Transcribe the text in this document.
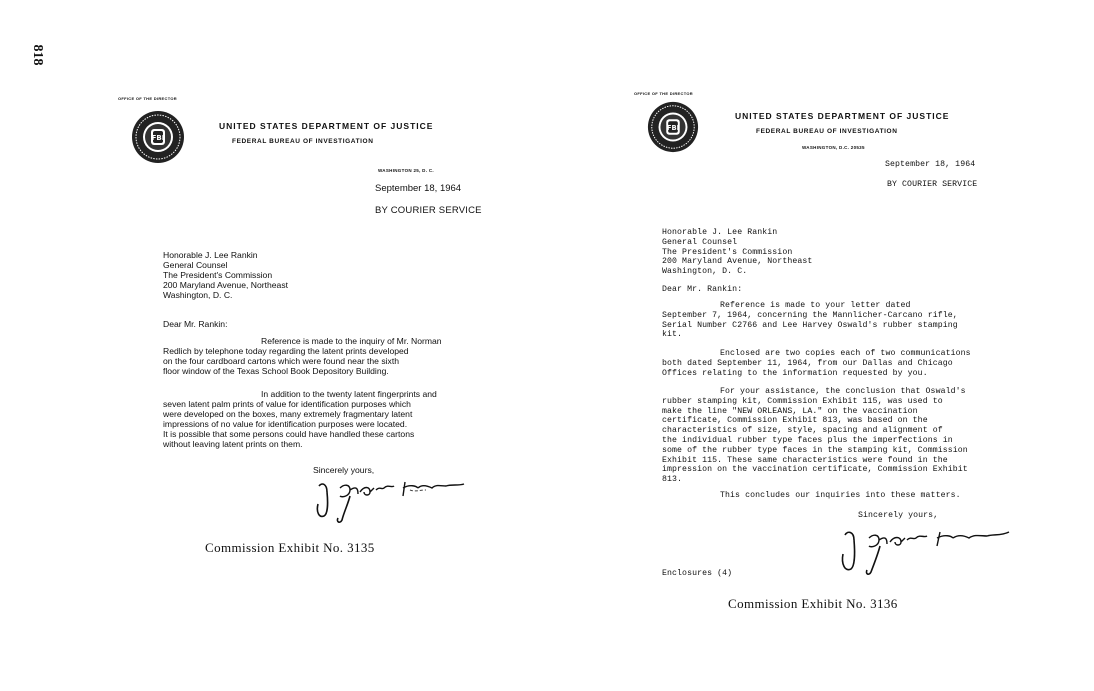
818
OFFICE OF THE DIRECTOR
FBI
UNITED STATES DEPARTMENT OF JUSTICE
FEDERAL BUREAU OF INVESTIGATION
WASHINGTON 25, D. C.
September 18, 1964
BY COURIER SERVICE

Honorable J. Lee Rankin

General Counsel

The President's Commission

200 Maryland Avenue, Northeast

Washington, D. C.

Dear Mr. Rankin:

Reference is made to the inquiry of Mr. Norman

Redlich by telephone today regarding the latent prints developed

on the four cardboard cartons which were found near the sixth

floor window of the Texas School Book Depository Building.

In addition to the twenty latent fingerprints and

seven latent palm prints of value for identification purposes which

were developed on the boxes, many extremely fragmentary latent

impressions of no value for identification purposes were located.

It is possible that some persons could have handled these cartons

without leaving latent prints on them.

Sincerely yours,
Commission Exhibit No. 3135
OFFICE OF THE DIRECTOR
FBI
UNITED STATES DEPARTMENT OF JUSTICE
FEDERAL BUREAU OF INVESTIGATION
WASHINGTON, D.C. 20535
September 18, 1964
BY COURIER SERVICE

Honorable J. Lee Rankin

General Counsel

The President's Commission

200 Maryland Avenue, Northeast

Washington, D. C.

Dear Mr. Rankin:

Reference is made to your letter dated

September 7, 1964, concerning the Mannlicher-Carcano rifle,

Serial Number C2766 and Lee Harvey Oswald's rubber stamping

kit.

Enclosed are two copies each of two communications

both dated September 11, 1964, from our Dallas and Chicago

Offices relating to the information requested by you.

For your assistance, the conclusion that Oswald's

rubber stamping kit, Commission Exhibit 115, was used to

make the line "NEW ORLEANS, LA." on the vaccination

certificate, Commission Exhibit 813, was based on the

characteristics of size, style, spacing and alignment of

the individual rubber type faces plus the imperfections in

some of the rubber type faces in the stamping kit, Commission

Exhibit 115. These same characteristics were found in the

impression on the vaccination certificate, Commission Exhibit

813.

This concludes our inquiries into these matters.
Sincerely yours,
Enclosures (4)
Commission Exhibit No. 3136
